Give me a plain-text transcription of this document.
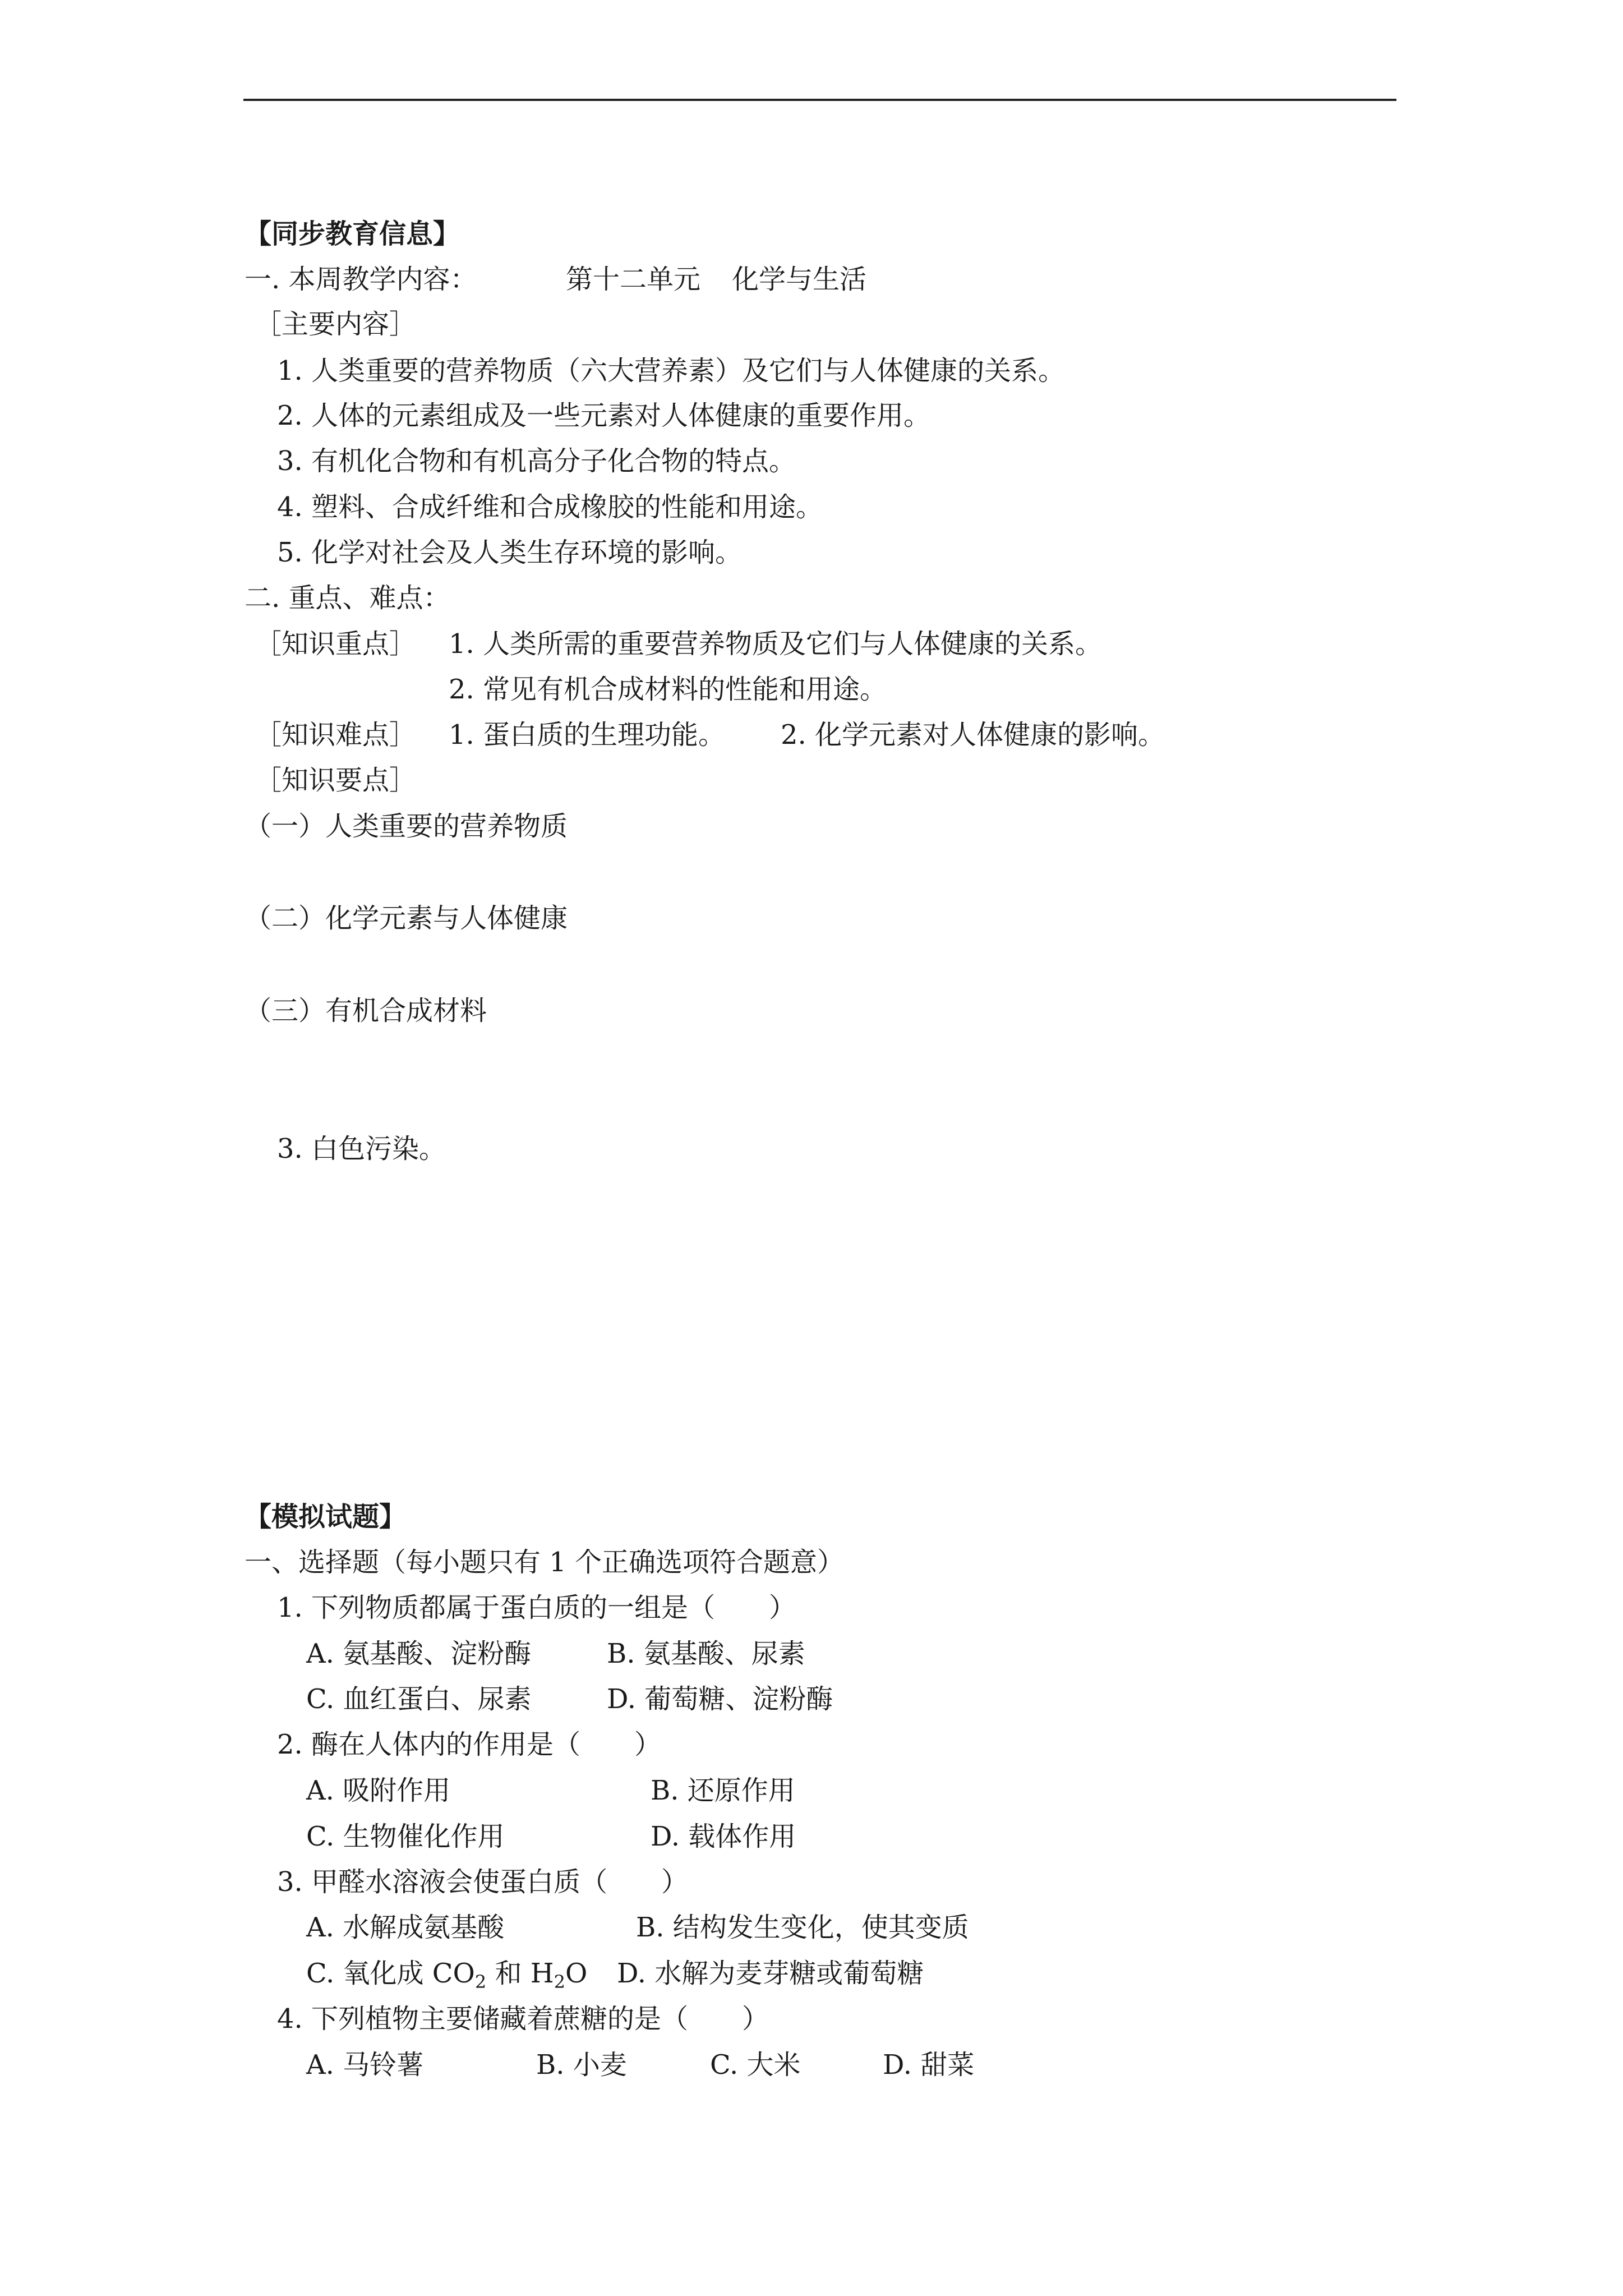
【同步教育信息】
一. 本周教学内容：	第十二单元 化学与生活
［主要内容］
1. 人类重要的营养物质（六大营养素）及它们与人体健康的关系。
2. 人体的元素组成及一些元素对人体健康的重要作用。
3. 有机化合物和有机高分子化合物的特点。
4. 塑料、合成纤维和合成橡胶的性能和用途。
5. 化学对社会及人类生存环境的影响。
二. 重点、难点：
［知识重点］ 1. 人类所需的重要营养物质及它们与人体健康的关系。
2. 常见有机合成材料的性能和用途。
［知识难点］ 1. 蛋白质的生理功能。 2. 化学元素对人体健康的影响。
［知识要点］
（一）人类重要的营养物质
（二）化学元素与人体健康
（三）有机合成材料
3. 白色污染。
【模拟试题】
一、选择题（每小题只有 1 个正确选项符合题意）
1. 下列物质都属于蛋白质的一组是（　　）
A. 氨基酸、淀粉酶	B. 氨基酸、尿素
C. 血红蛋白、尿素	D. 葡萄糖、淀粉酶
2. 酶在人体内的作用是（　　）
A. 吸附作用	B. 还原作用
C. 生物催化作用	D. 载体作用
3. 甲醛水溶液会使蛋白质（　　）
A. 水解成氨基酸	B. 结构发生变化，使其变质
C. 氧化成 $CO_2$ 和 $H_2O$ D. 水解为麦芽糖或葡萄糖
4. 下列植物主要储藏着蔗糖的是（　　）
A. 马铃薯	B. 小麦	C. 大米	D. 甜菜
